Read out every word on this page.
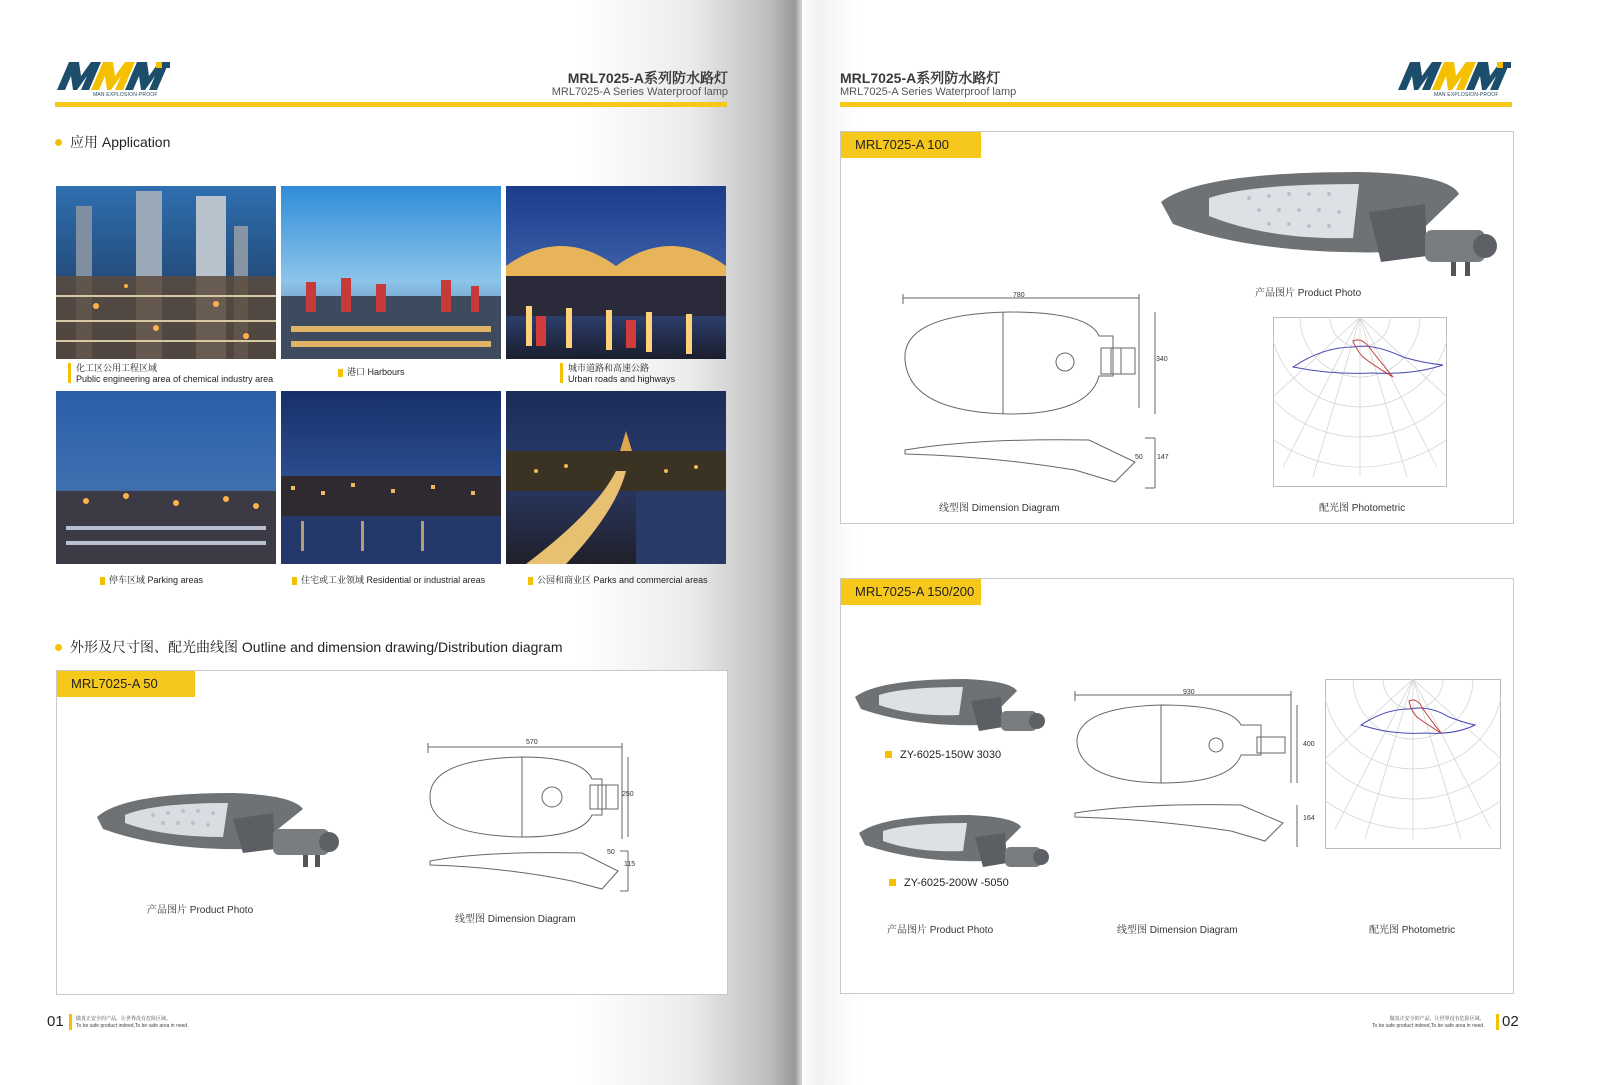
MAN EXPLOSION-PROOF
MRL7025-A系列防水路灯
MRL7025-A Series Waterproof lamp
应用 Application
化工区公用工程区域
Public engineering area of chemical industry area
港口 Harbours	城市道路和高速公路
Urban roads and highways
停车区域 Parking areas	住宅或工业领域 Residential or industrial areas	公园和商业区 Parks and commercial areas
外形及尺寸图、配光曲线图 Outline and dimension drawing/Distribution diagram
MRL7025-A 50
产品图片 Product Photo
570
250
50
115
线型图 Dimension Diagram
01 做真正安全的产品，让世界没有危险区域。
To be safe product indeed,To be safe area in need.
MRL7025-A系列防水路灯
MRL7025-A Series Waterproof lamp	MAN EXPLOSION-PROOF
MRL7025-A 100
产品图片 Product Photo
780
340
50 147
线型图 Dimension Diagram	配光图 Photometric
MRL7025-A 150/200
ZY-6025-150W 3030
ZY-6025-200W -5050
930
400
164
产品图片 Product Photo	线型图 Dimension Diagram	配光图 Photometric
做真正安全的产品，让世界没有危险区域。
To be safe product indeed,To be safe area in need. 02
